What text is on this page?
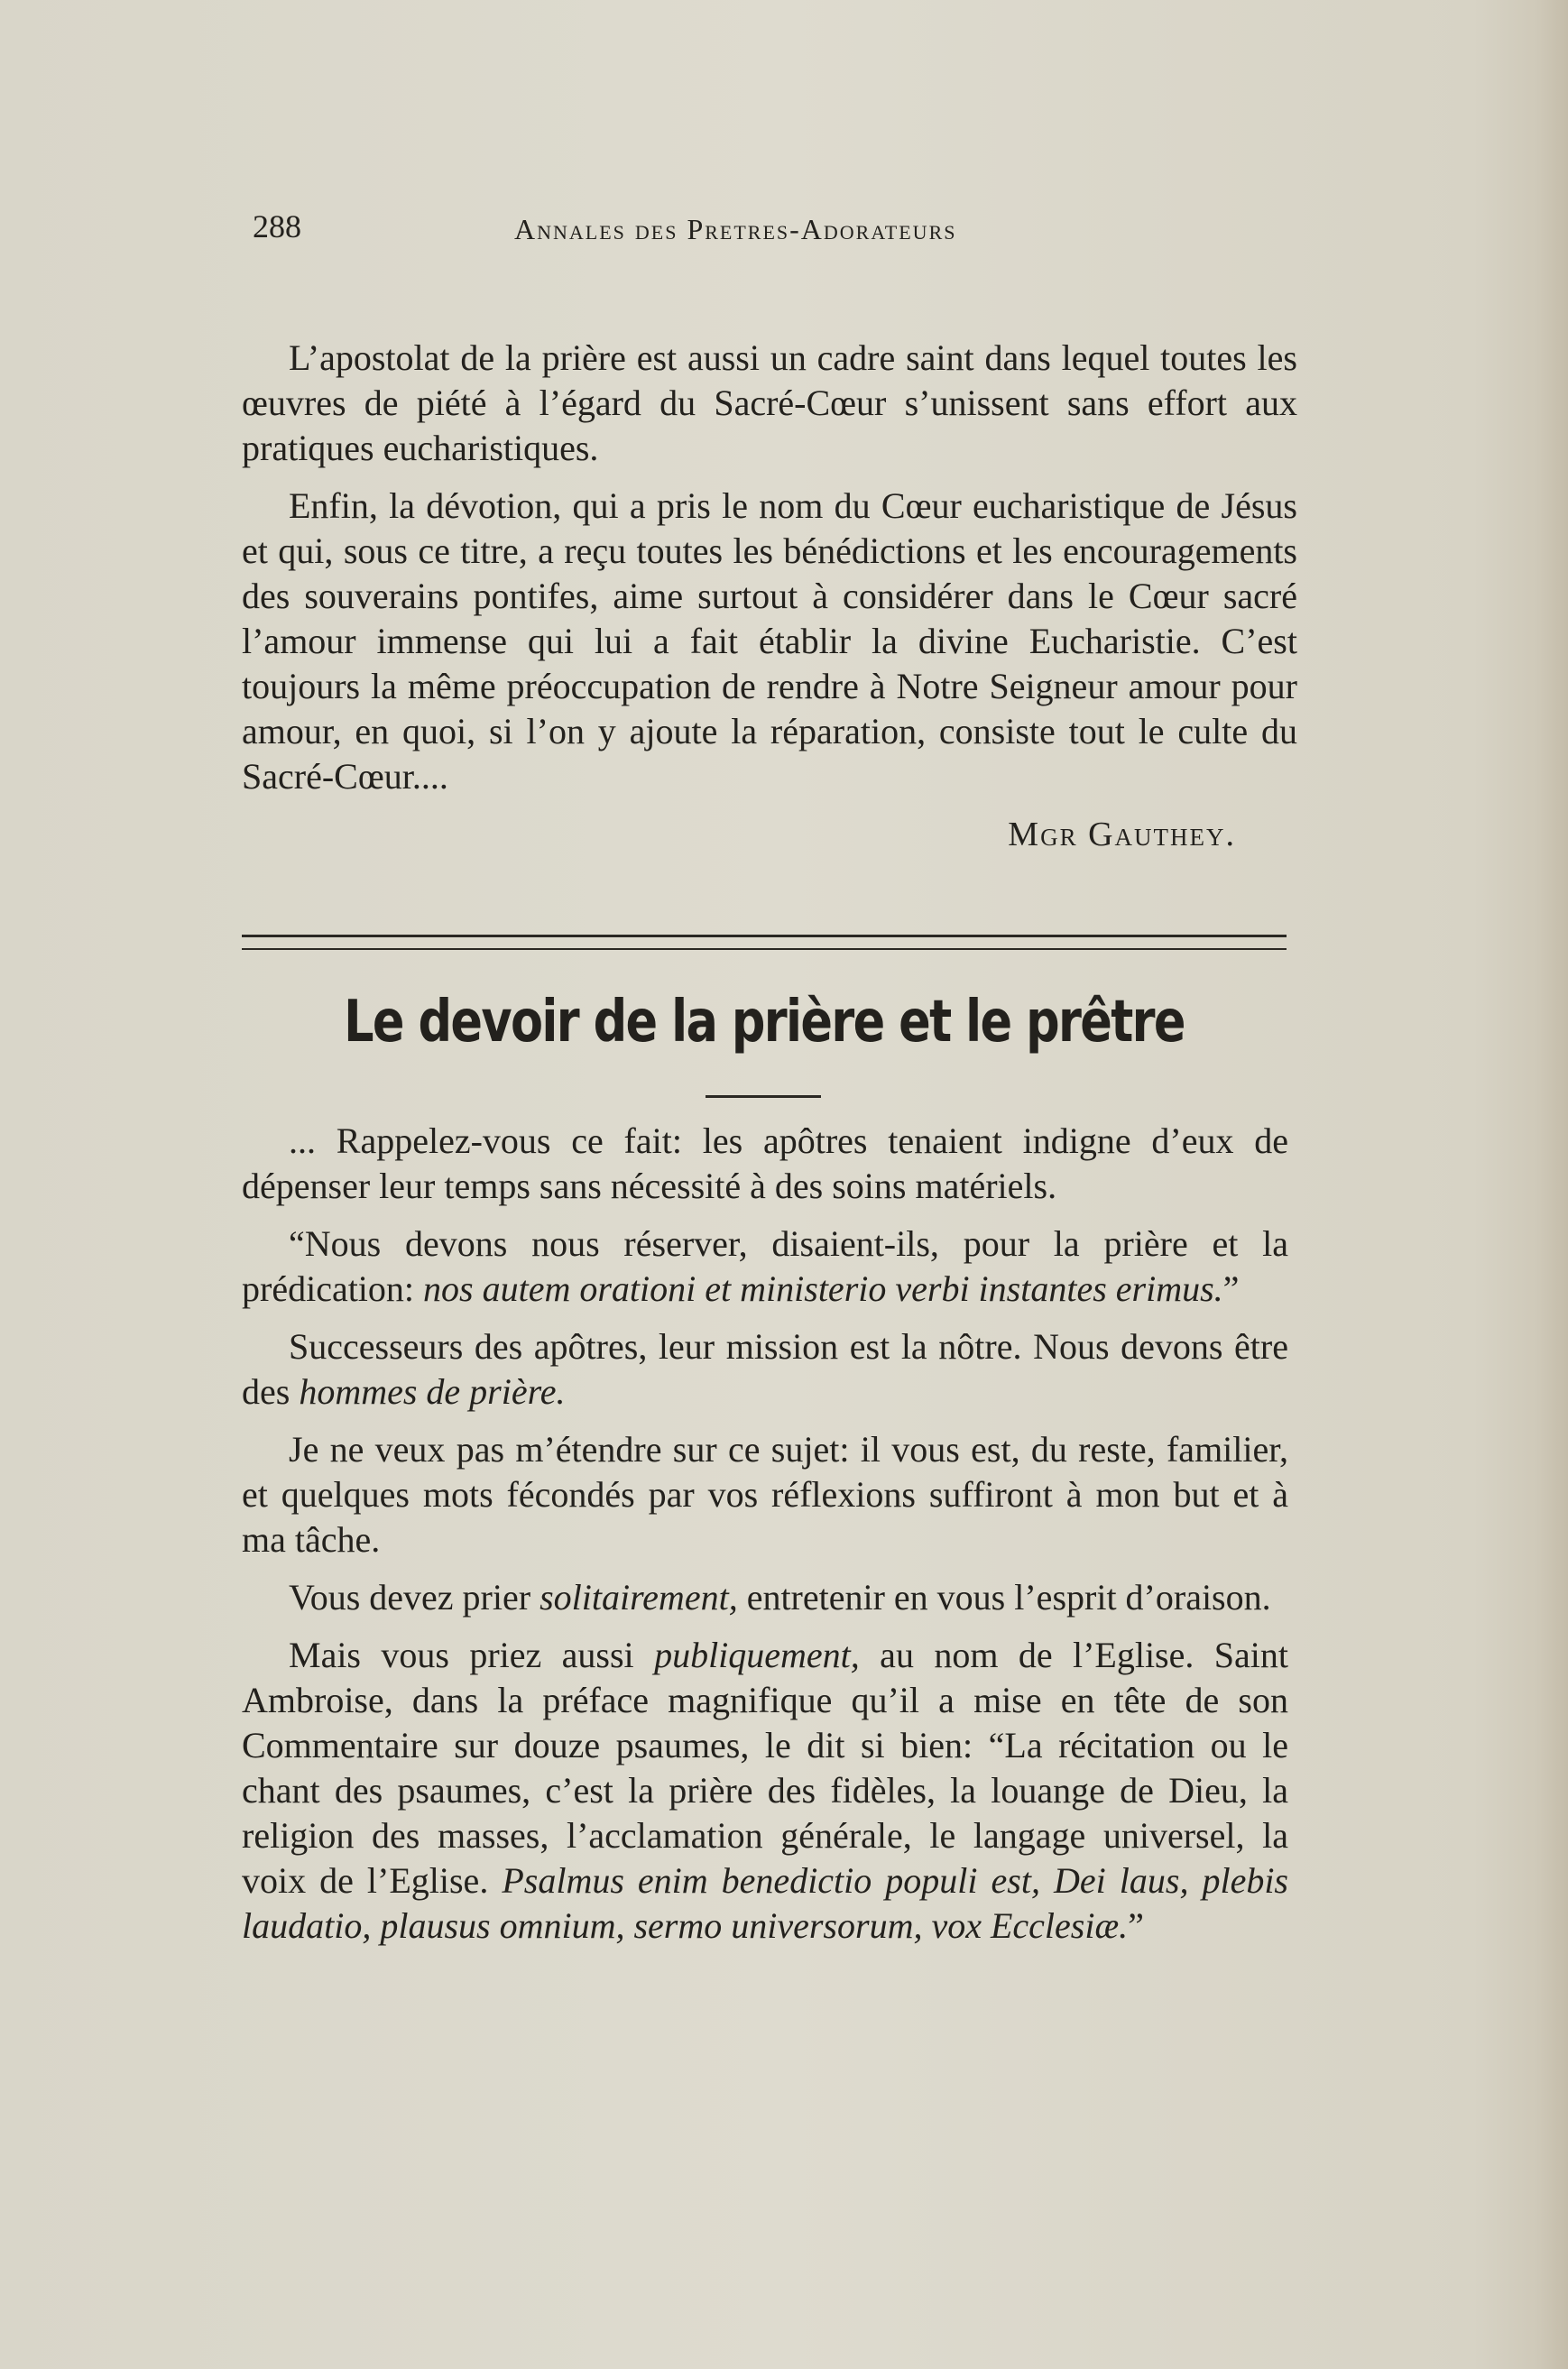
288	Annales des Pretres-Adorateurs

L’apostolat de la prière est aussi un cadre saint dans lequel toutes les œuvres de piété à l’égard du Sacré-Cœur s’unissent sans effort aux pratiques eucharistiques.

Enfin, la dévotion, qui a pris le nom du Cœur eucharistique de Jésus et qui, sous ce titre, a reçu toutes les bénédictions et les encouragements des souverains pontifes, aime surtout à considérer dans le Cœur sacré l’amour immense qui lui a fait établir la divine Eucharistie. C’est toujours la même préoccupation de rendre à Notre Seigneur amour pour amour, en quoi, si l’on y ajoute la réparation, consiste tout le culte du Sacré-Cœur....

Mgr Gauthey.
Le devoir de la prière et le prêtre

... Rappelez-vous ce fait: les apôtres tenaient indigne d’eux de dépenser leur temps sans nécessité à des soins matériels.

“Nous devons nous réserver, disaient-ils, pour la prière et la prédication: nos autem orationi et ministerio verbi instantes erimus.”

Successeurs des apôtres, leur mission est la nôtre. Nous devons être des hommes de prière.

Je ne veux pas m’étendre sur ce sujet: il vous est, du reste, familier, et quelques mots fécondés par vos réflexions suffiront à mon but et à ma tâche.

Vous devez prier solitairement, entretenir en vous l’esprit d’oraison.

Mais vous priez aussi publiquement, au nom de l’Eglise. Saint Ambroise, dans la préface magnifique qu’il a mise en tête de son Commentaire sur douze psaumes, le dit si bien: “La récitation ou le chant des psaumes, c’est la prière des fidèles, la louange de Dieu, la religion des masses, l’acclamation générale, le langage universel, la voix de l’Eglise. Psalmus enim benedictio populi est, Dei laus, plebis laudatio, plausus omnium, sermo universorum, vox Ecclesiæ.”
